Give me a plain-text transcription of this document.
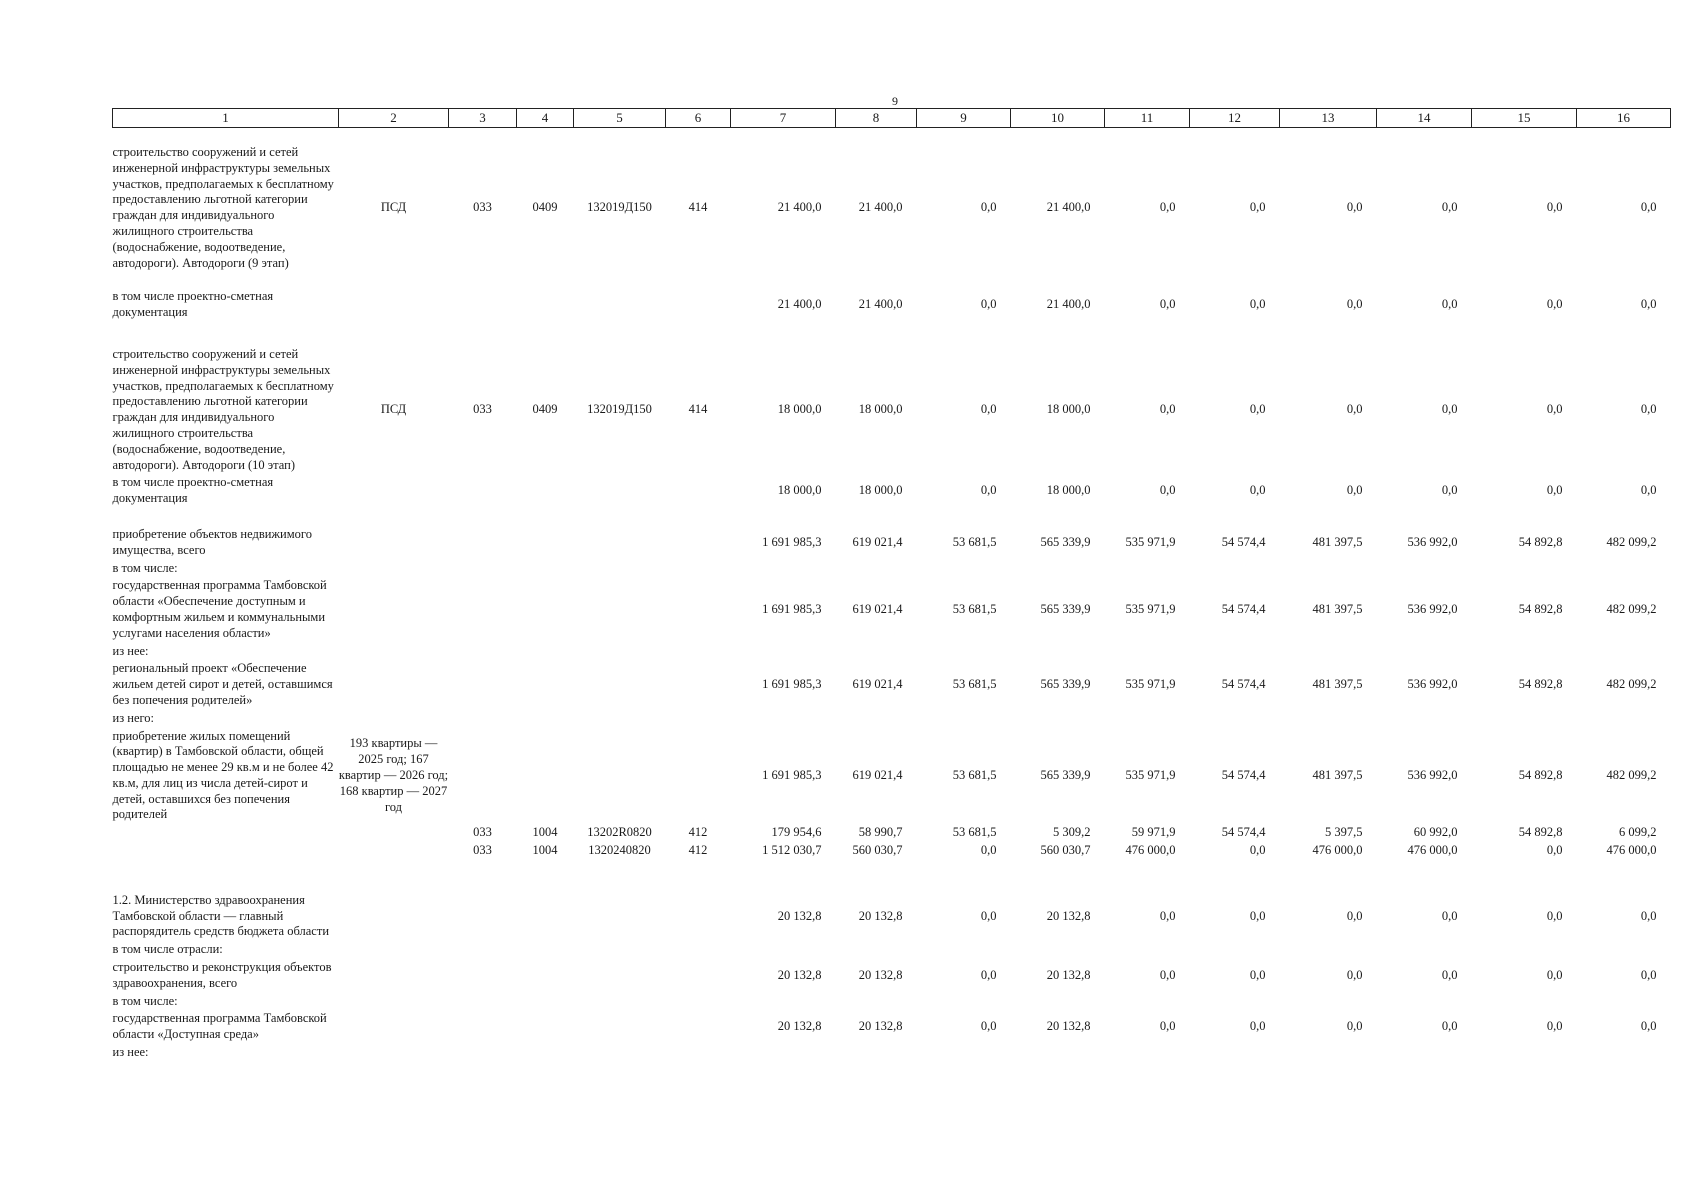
9
1	2	3	4	5	6	7	8	9	10	11	12	13	14	15	16

строительство сооружений и сетей инженерной инфраструктуры земельных участков, предполагаемых к бесплатному предоставлению льготной категории граждан для индивидуального жилищного строительства (водоснабжение, водоотведение, автодороги). Автодороги (9 этап)	ПСД	033	0409	132019Д150	414	21 400,0	21 400,0	0,0	21 400,0	0,0	0,0	0,0	0,0	0,0	0,0

в том числе проектно-сметная документация						21 400,0	21 400,0	0,0	21 400,0	0,0	0,0	0,0	0,0	0,0	0,0

строительство сооружений и сетей инженерной инфраструктуры земельных участков, предполагаемых к бесплатному предоставлению льготной категории граждан для индивидуального жилищного строительства (водоснабжение, водоотведение, автодороги). Автодороги (10 этап)	ПСД	033	0409	132019Д150	414	18 000,0	18 000,0	0,0	18 000,0	0,0	0,0	0,0	0,0	0,0	0,0
в том числе проектно-сметная документация						18 000,0	18 000,0	0,0	18 000,0	0,0	0,0	0,0	0,0	0,0	0,0

приобретение объектов недвижимого имущества, всего						1 691 985,3	619 021,4	53 681,5	565 339,9	535 971,9	54 574,4	481 397,5	536 992,0	54 892,8	482 099,2
в том числе:															
государственная программа Тамбовской области «Обеспечение доступным и комфортным жильем и коммунальными услугами населения области»						1 691 985,3	619 021,4	53 681,5	565 339,9	535 971,9	54 574,4	481 397,5	536 992,0	54 892,8	482 099,2
из нее:															
региональный проект «Обеспечение жильем детей сирот и детей, оставшимся без попечения родителей»						1 691 985,3	619 021,4	53 681,5	565 339,9	535 971,9	54 574,4	481 397,5	536 992,0	54 892,8	482 099,2
из него:															
приобретение жилых помещений (квартир) в Тамбовской области, общей площадью не менее 29 кв.м и не более 42 кв.м, для лиц из числа детей-сирот и детей, оставшихся без попечения родителей	193 квартиры — 2025 год; 167 квартир — 2026 год; 168 квартир — 2027 год					1 691 985,3	619 021,4	53 681,5	565 339,9	535 971,9	54 574,4	481 397,5	536 992,0	54 892,8	482 099,2
		033	1004	13202R0820	412	179 954,6	58 990,7	53 681,5	5 309,2	59 971,9	54 574,4	5 397,5	60 992,0	54 892,8	6 099,2
		033	1004	1320240820	412	1 512 030,7	560 030,7	0,0	560 030,7	476 000,0	0,0	476 000,0	476 000,0	0,0	476 000,0

1.2. Министерство здравоохранения Тамбовской области — главный распорядитель средств бюджета области						20 132,8	20 132,8	0,0	20 132,8	0,0	0,0	0,0	0,0	0,0	0,0
в том числе отрасли:															
строительство и реконструкция объектов здравоохранения, всего						20 132,8	20 132,8	0,0	20 132,8	0,0	0,0	0,0	0,0	0,0	0,0
в том числе:															
государственная программа Тамбовской области «Доступная среда»						20 132,8	20 132,8	0,0	20 132,8	0,0	0,0	0,0	0,0	0,0	0,0
из нее:															
